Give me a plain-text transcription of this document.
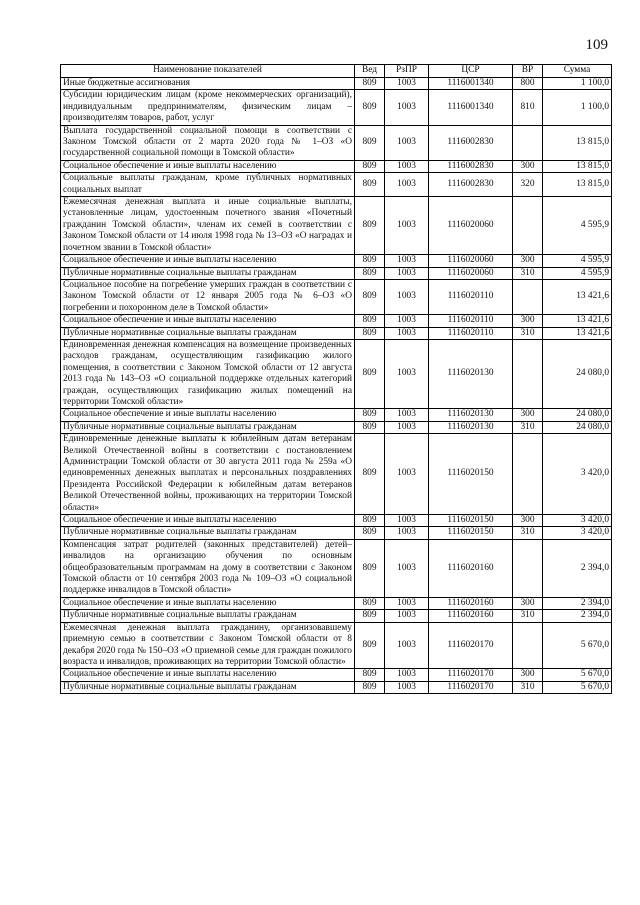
109
Наименование показателей	Вед	РзПР	ЦСР	ВР	Сумма
Иные бюджетные ассигнования	809	1003	1116001340	800	1 100,0
Субсидии юридическим лицам (кроме некоммерческих организаций), индивидуальным предпринимателям, физическим лицам – производителям товаров, работ, услуг	809	1003	1116001340	810	1 100,0
Выплата государственной социальной помощи в соответствии с Законом Томской области от 2 марта 2020 года № 1–ОЗ «О государственной социальной помощи в Томской области»	809	1003	1116002830		13 815,0
Социальное обеспечение и иные выплаты населению	809	1003	1116002830	300	13 815,0
Социальные выплаты гражданам, кроме публичных нормативных социальных выплат	809	1003	1116002830	320	13 815,0
Ежемесячная денежная выплата и иные социальные выплаты, установленные лицам, удостоенным почетного звания «Почетный гражданин Томской области», членам их семей в соответствии с Законом Томской области от 14 июля 1998 года № 13–ОЗ «О наградах и почетном звании в Томской области»	809	1003	1116020060		4 595,9
Социальное обеспечение и иные выплаты населению	809	1003	1116020060	300	4 595,9
Публичные нормативные социальные выплаты гражданам	809	1003	1116020060	310	4 595,9
Социальное пособие на погребение умерших граждан в соответствии с Законом Томской области от 12 января 2005 года № 6–ОЗ «О погребении и похоронном деле в Томской области»	809	1003	1116020110		13 421,6
Социальное обеспечение и иные выплаты населению	809	1003	1116020110	300	13 421,6
Публичные нормативные социальные выплаты гражданам	809	1003	1116020110	310	13 421,6
Единовременная денежная компенсация на возмещение произведенных расходов гражданам, осуществляющим газификацию жилого помещения, в соответствии с Законом Томской области от 12 августа 2013 года № 143–ОЗ «О социальной поддержке отдельных категорий граждан, осуществляющих газификацию жилых помещений на территории Томской области»	809	1003	1116020130		24 080,0
Социальное обеспечение и иные выплаты населению	809	1003	1116020130	300	24 080,0
Публичные нормативные социальные выплаты гражданам	809	1003	1116020130	310	24 080,0
Единовременные денежные выплаты к юбилейным датам ветеранам Великой Отечественной войны в соответствии с постановлением Администрации Томской области от 30 августа 2011 года № 259а «О единовременных денежных выплатах и персональных поздравлениях Президента Российской Федерации к юбилейным датам ветеранов Великой Отечественной войны, проживающих на территории Томской области»	809	1003	1116020150		3 420,0
Социальное обеспечение и иные выплаты населению	809	1003	1116020150	300	3 420,0
Публичные нормативные социальные выплаты гражданам	809	1003	1116020150	310	3 420,0
Компенсация затрат родителей (законных представителей) детей–инвалидов на организацию обучения по основным общеобразовательным программам на дому в соответствии с Законом Томской области от 10 сентября 2003 года № 109–ОЗ «О социальной поддержке инвалидов в Томской области»	809	1003	1116020160		2 394,0
Социальное обеспечение и иные выплаты населению	809	1003	1116020160	300	2 394,0
Публичные нормативные социальные выплаты гражданам	809	1003	1116020160	310	2 394,0
Ежемесячная денежная выплата гражданину, организовавшему приемную семью в соответствии с Законом Томской области от 8 декабря 2020 года № 150–ОЗ «О приемной семье для граждан пожилого возраста и инвалидов, проживающих на территории Томской области»	809	1003	1116020170		5 670,0
Социальное обеспечение и иные выплаты населению	809	1003	1116020170	300	5 670,0
Публичные нормативные социальные выплаты гражданам	809	1003	1116020170	310	5 670,0
